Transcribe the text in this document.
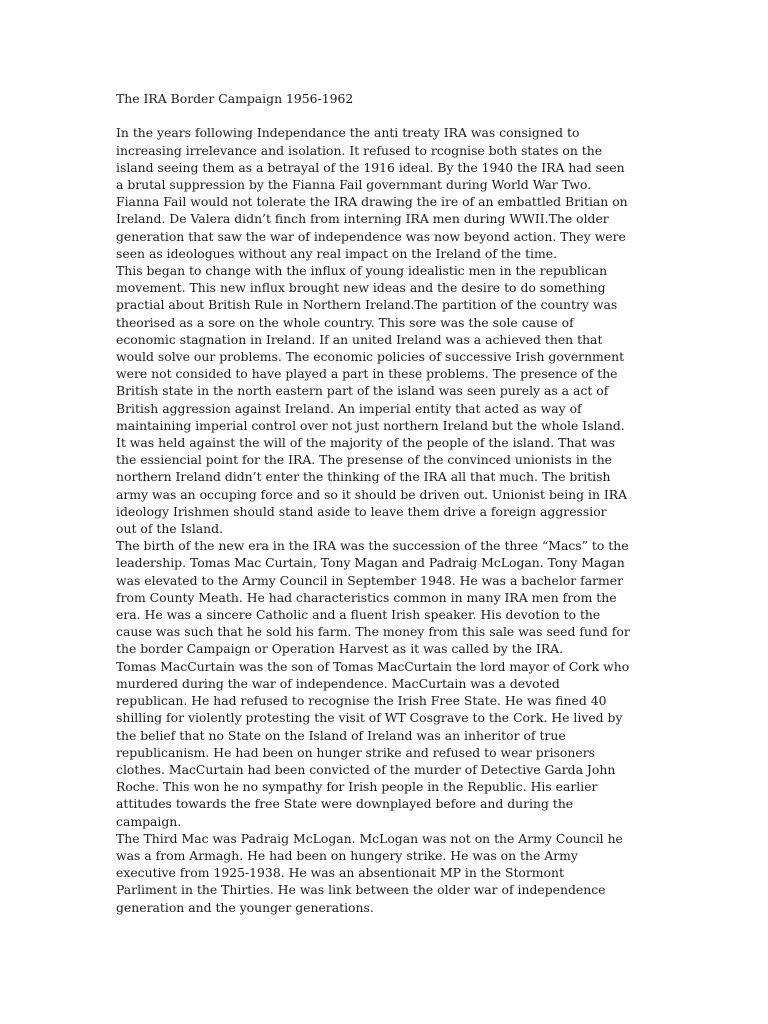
The IRA Border Campaign 1956-1962

In the years following Independance the anti treaty IRA was consigned to
increasing irrelevance and isolation. It refused to rcognise both states on the
island seeing them as a betrayal of the 1916 ideal. By the 1940 the IRA had seen
a brutal suppression by the Fianna Fail governmant during World War Two.
Fianna Fail would not tolerate the IRA drawing the ire of an embattled Britian on
Ireland. De Valera didn’t finch from interning IRA men during WWII.The older
generation that saw the war of independence was now beyond action. They were
seen as ideologues without any real impact on the Ireland of the time.

This began to change with the influx of young idealistic men in the republican
movement. This new influx brought new ideas and the desire to do something
practial about British Rule in Northern Ireland.The partition of the country was
theorised as a sore on the whole country. This sore was the sole cause of
economic stagnation in Ireland. If an united Ireland was a achieved then that
would solve our problems. The economic policies of successive Irish government
were not consided to have played a part in these problems. The presence of the
British state in the north eastern part of the island was seen purely as a act of
British aggression against Ireland. An imperial entity that acted as way of
maintaining imperial control over not just northern Ireland but the whole Island.
It was held against the will of the majority of the people of the island. That was
the essiencial point for the IRA. The presense of the convinced unionists in the
northern Ireland didn’t enter the thinking of the IRA all that much. The british
army was an occuping force and so it should be driven out. Unionist being in IRA
ideology Irishmen should stand aside to leave them drive a foreign aggressior
out of the Island.

The birth of the new era in the IRA was the succession of the three “Macs” to the
leadership. Tomas Mac Curtain, Tony Magan and Padraig McLogan. Tony Magan
was elevated to the Army Council in September 1948. He was a bachelor farmer
from County Meath. He had characteristics common in many IRA men from the
era. He was a sincere Catholic and a fluent Irish speaker. His devotion to the
cause was such that he sold his farm. The money from this sale was seed fund for
the border Campaign or Operation Harvest as it was called by the IRA.

Tomas MacCurtain was the son of Tomas MacCurtain the lord mayor of Cork who
murdered during the war of independence. MacCurtain was a devoted
republican. He had refused to recognise the Irish Free State. He was fined 40
shilling for violently protesting the visit of WT Cosgrave to the Cork. He lived by
the belief that no State on the Island of Ireland was an inheritor of true
republicanism. He had been on hunger strike and refused to wear prisoners
clothes. MacCurtain had been convicted of the murder of Detective Garda John
Roche. This won he no sympathy for Irish people in the Republic. His earlier
attitudes towards the free State were downplayed before and during the
campaign.

The Third Mac was Padraig McLogan. McLogan was not on the Army Council he
was a from Armagh. He had been on hungery strike. He was on the Army
executive from 1925-1938. He was an absentionait MP in the Stormont
Parliment in the Thirties. He was link between the older war of independence
generation and the younger generations.
